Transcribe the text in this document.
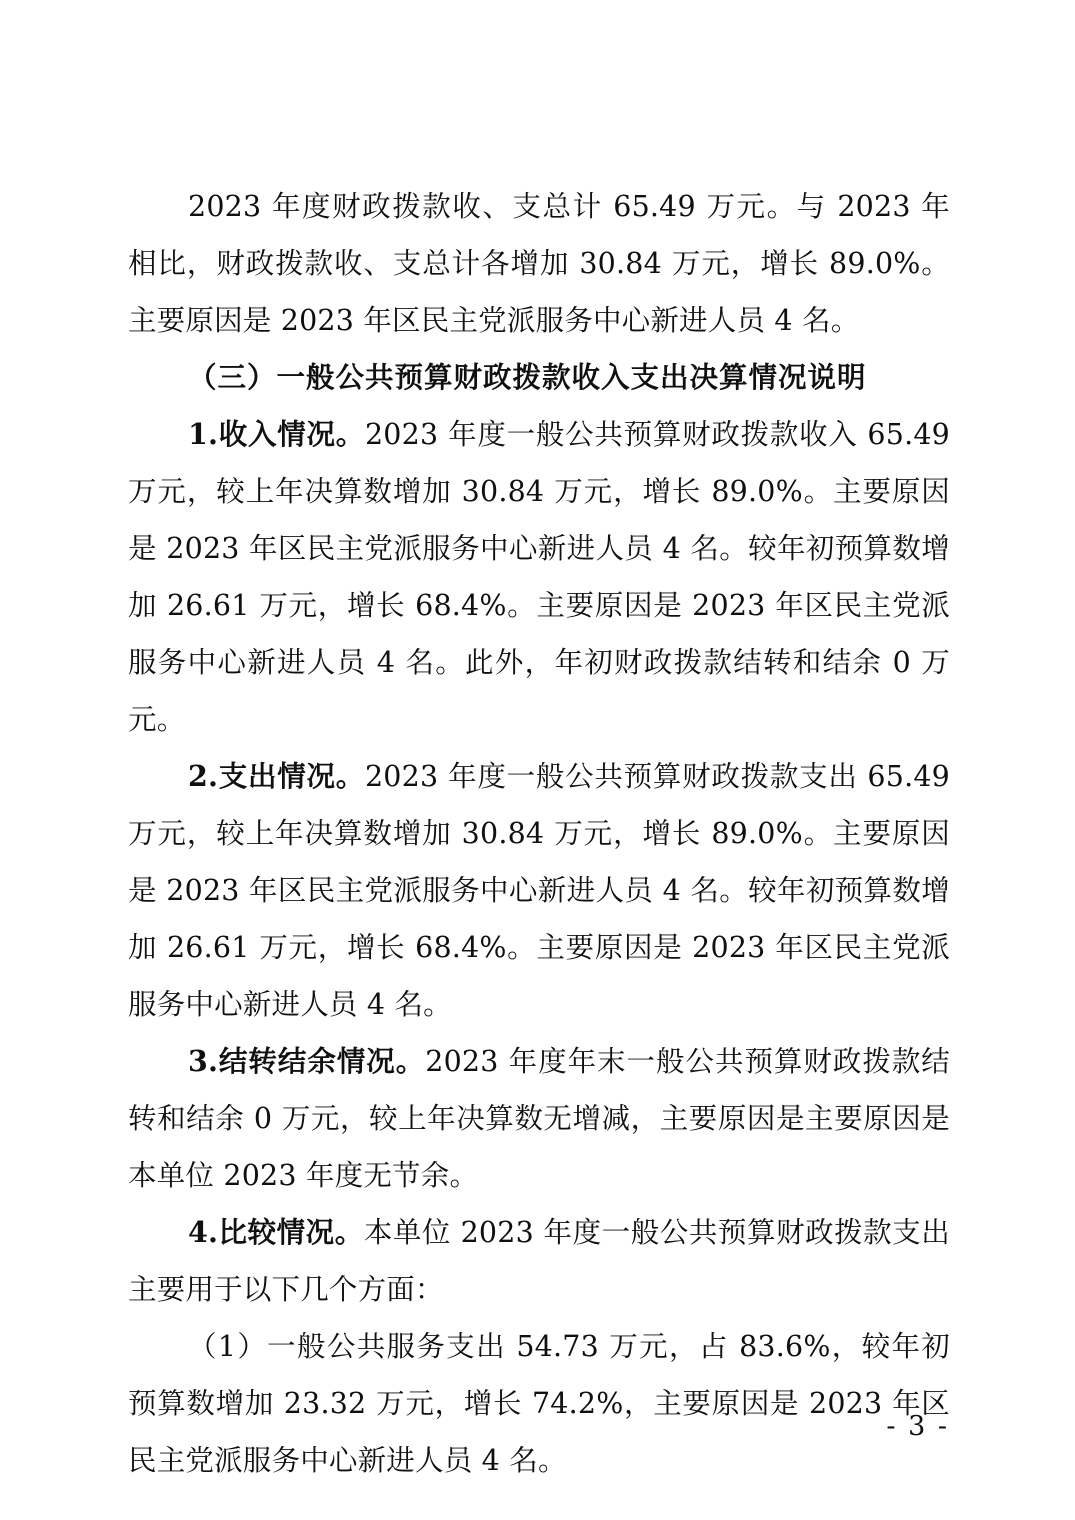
2023 年度财政拨款收、支总计 65.49 万元。与 2023 年相比，财政拨款收、支总计各增加 30.84 万元，增长 89.0%。主要原因是 2023 年区民主党派服务中心新进人员 4 名。

（三）一般公共预算财政拨款收入支出决算情况说明

1.收入情况。2023 年度一般公共预算财政拨款收入 65.49 万元，较上年决算数增加 30.84 万元，增长 89.0%。主要原因是 2023 年区民主党派服务中心新进人员 4 名。较年初预算数增加 26.61 万元，增长 68.4%。主要原因是 2023 年区民主党派服务中心新进人员 4 名。此外，年初财政拨款结转和结余 0 万元。

2.支出情况。2023 年度一般公共预算财政拨款支出 65.49 万元，较上年决算数增加 30.84 万元，增长 89.0%。主要原因是 2023 年区民主党派服务中心新进人员 4 名。较年初预算数增加 26.61 万元，增长 68.4%。主要原因是 2023 年区民主党派服务中心新进人员 4 名。

3.结转结余情况。2023 年度年末一般公共预算财政拨款结转和结余 0 万元，较上年决算数无增减，主要原因是主要原因是本单位 2023 年度无节余。

4.比较情况。本单位 2023 年度一般公共预算财政拨款支出主要用于以下几个方面：

（1）一般公共服务支出 54.73 万元，占 83.6%，较年初预算数增加 23.32 万元，增长 74.2%，主要原因是 2023 年区民主党派服务中心新进人员 4 名。

- 3 -
